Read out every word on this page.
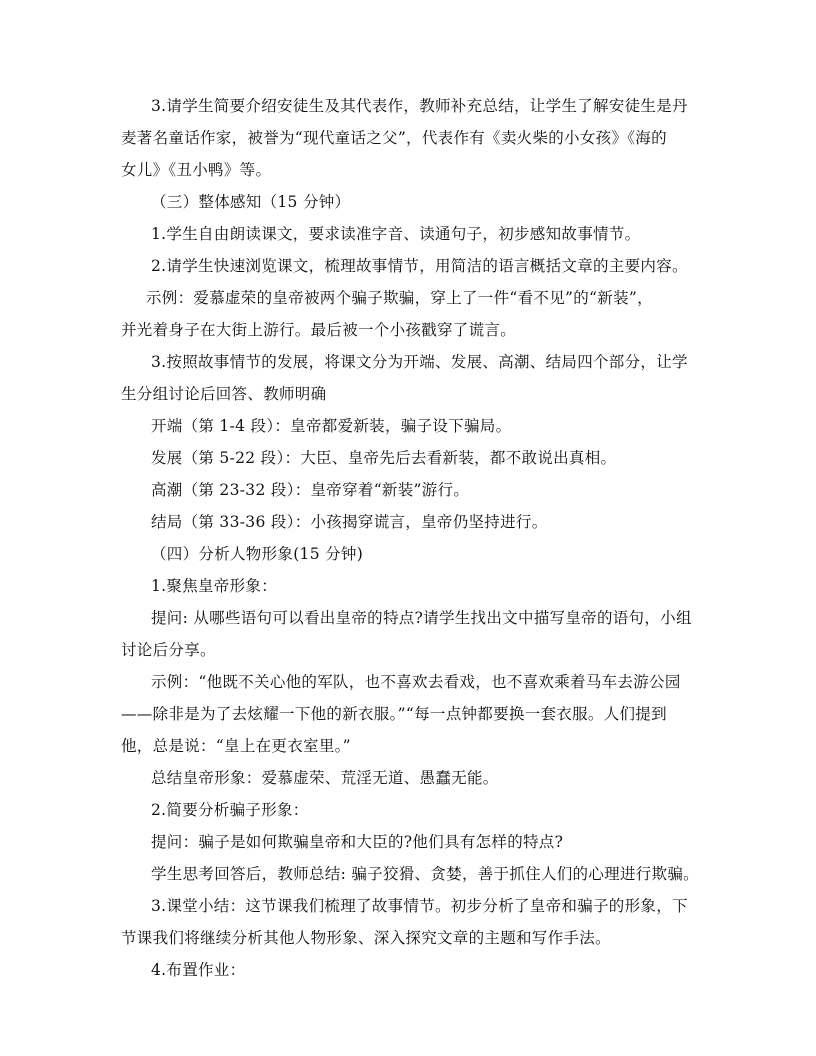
3.请学生简要介绍安徒生及其代表作，教师补充总结，让学生了解安徒生是丹
麦著名童话作家，被誉为“现代童话之父”，代表作有《卖火柴的小女孩》《海的
女儿》《丑小鸭》等。
（三）整体感知（15 分钟）
1.学生自由朗读课文，要求读准字音、读通句子，初步感知故事情节。
2.请学生快速浏览课文，梳理故事情节，用简洁的语言概括文章的主要内容。
示例：爱慕虚荣的皇帝被两个骗子欺骗，穿上了一件“看不见”的“新装”，
并光着身子在大街上游行。最后被一个小孩戳穿了谎言。
3.按照故事情节的发展，将课文分为开端、发展、高潮、结局四个部分，让学
生分组讨论后回答、教师明确
开端（第 1-4 段）：皇帝都爱新装，骗子设下骗局。
发展（第 5-22 段）：大臣、皇帝先后去看新装，都不敢说出真相。
高潮（第 23-32 段）：皇帝穿着“新装”游行。
结局（第 33-36 段）：小孩揭穿谎言，皇帝仍坚持进行。
（四）分析人物形象(15 分钟)
1.聚焦皇帝形象：
提问: 从哪些语句可以看出皇帝的特点?请学生找出文中描写皇帝的语句，小组
讨论后分享。
示例：“他既不关心他的军队，也不喜欢去看戏，也不喜欢乘着马车去游公园
——除非是为了去炫耀一下他的新衣服。”“每一点钟都要换一套衣服。人们提到
他，总是说：“皇上在更衣室里。”
总结皇帝形象：爱慕虚荣、荒淫无道、愚蠢无能。
2.简要分析骗子形象：
提问：骗子是如何欺骗皇帝和大臣的?他们具有怎样的特点?
学生思考回答后，教师总结: 骗子狡猾、贪婪，善于抓住人们的心理进行欺骗。
3.课堂小结：这节课我们梳理了故事情节。初步分析了皇帝和骗子的形象，下
节课我们将继续分析其他人物形象、深入探究文章的主题和写作手法。
4.布置作业：
